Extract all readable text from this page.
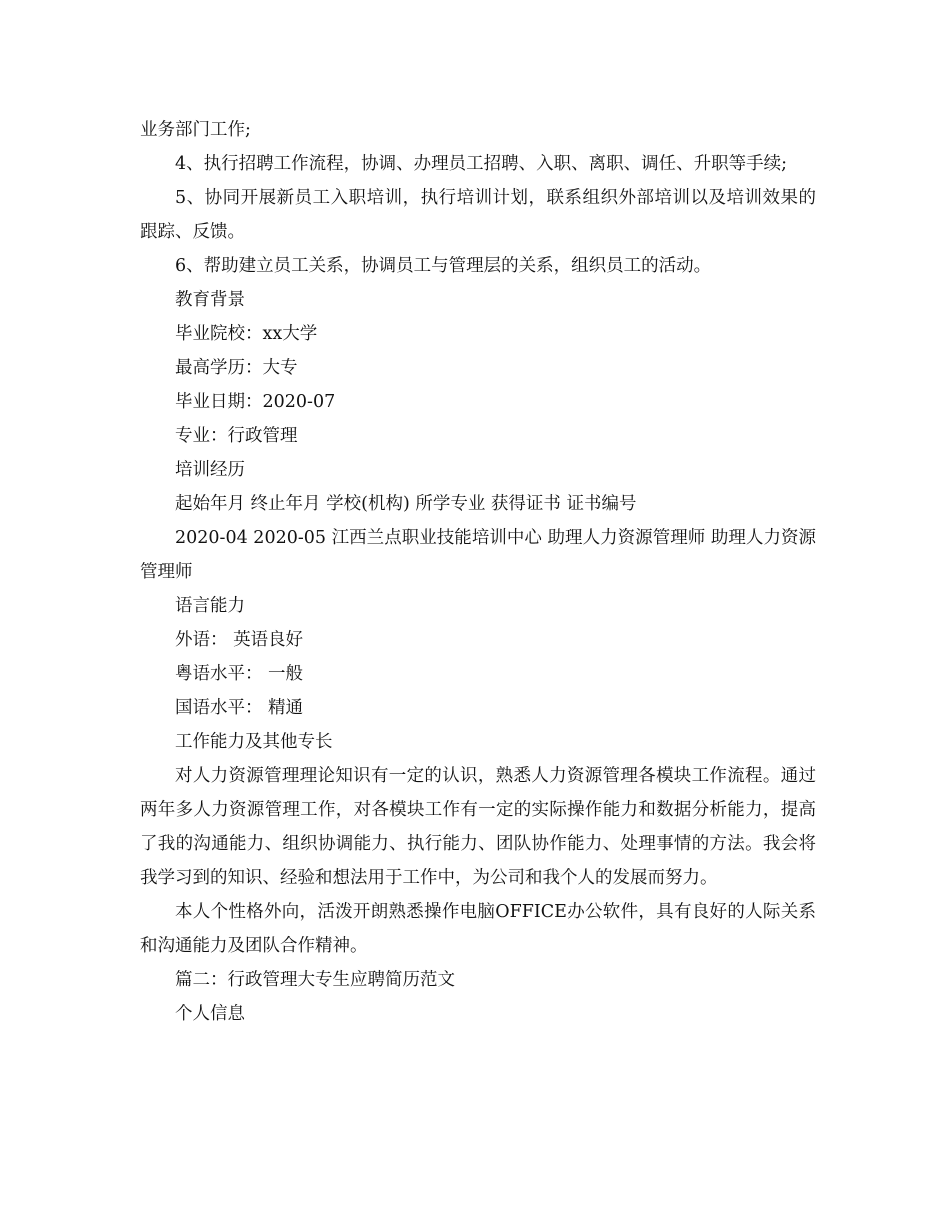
业务部门工作;

4、执行招聘工作流程，协调、办理员工招聘、入职、离职、调任、升职等手续;

5、协同开展新员工入职培训，执行培训计划，联系组织外部培训以及培训效果的跟踪、反馈。

6、帮助建立员工关系，协调员工与管理层的关系，组织员工的活动。

教育背景

毕业院校：xx大学

最高学历：大专

毕业日期：2020-07

专业：行政管理

培训经历

起始年月 终止年月 学校(机构) 所学专业 获得证书 证书编号

2020-04 2020-05 江西兰点职业技能培训中心 助理人力资源管理师 助理人力资源管理师

语言能力

外语： 英语良好

粤语水平： 一般

国语水平： 精通

工作能力及其他专长

对人力资源管理理论知识有一定的认识，熟悉人力资源管理各模块工作流程。通过两年多人力资源管理工作，对各模块工作有一定的实际操作能力和数据分析能力，提高了我的沟通能力、组织协调能力、执行能力、团队协作能力、处理事情的方法。我会将我学习到的知识、经验和想法用于工作中，为公司和我个人的发展而努力。

本人个性格外向，活泼开朗熟悉操作电脑OFFICE办公软件，具有良好的人际关系和沟通能力及团队合作精神。

篇二：行政管理大专生应聘简历范文

个人信息
